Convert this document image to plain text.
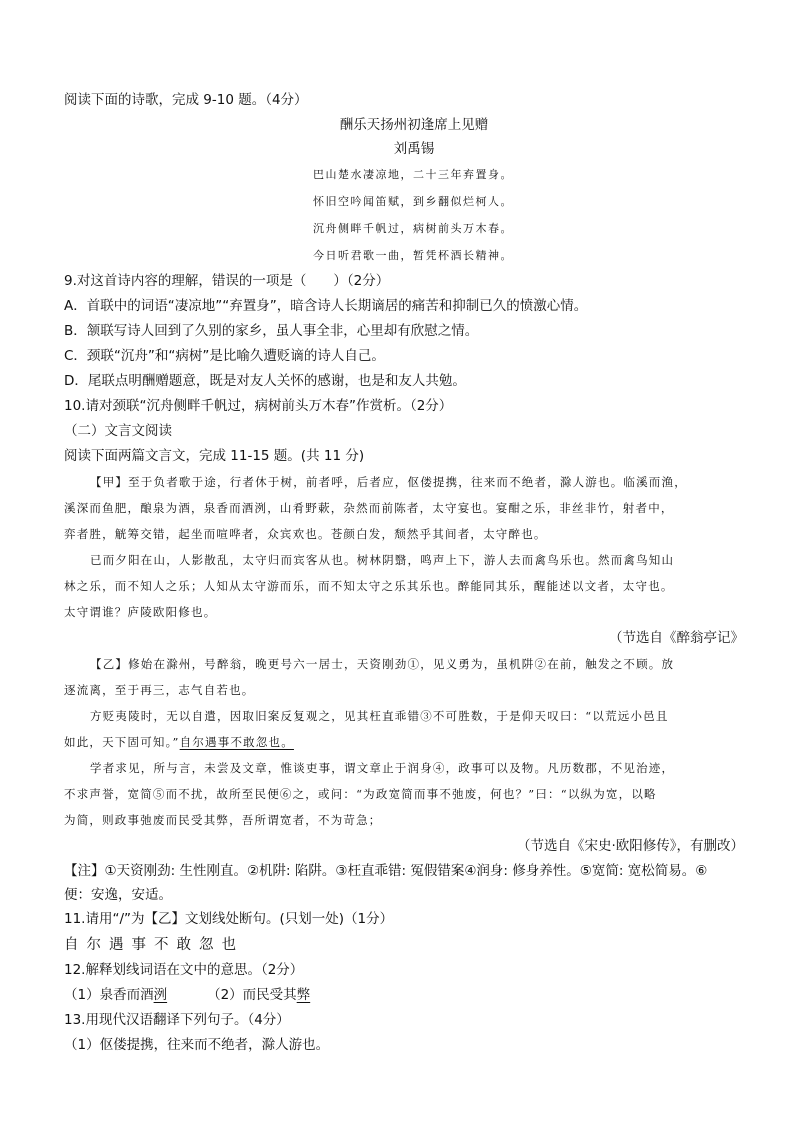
阅读下面的诗歌，完成 9-10 题。（4分）
酬乐天扬州初逢席上见赠
刘禹锡
巴山楚水凄凉地，二十三年弃置身。
怀旧空吟闻笛赋，到乡翻似烂柯人。
沉舟侧畔千帆过，病树前头万木春。
今日听君歌一曲，暂凭杯酒长精神。
9.对这首诗内容的理解，错误的一项是（　　）（2分）
A．首联中的词语“凄凉地”“弃置身”，暗含诗人长期谪居的痛苦和抑制已久的愤激心情。
B．颔联写诗人回到了久别的家乡，虽人事全非，心里却有欣慰之情。
C．颈联“沉舟”和“病树”是比喻久遭贬谪的诗人自己。
D．尾联点明酬赠题意，既是对友人关怀的感谢，也是和友人共勉。
10.请对颈联“沉舟侧畔千帆过，病树前头万木春”作赏析。（2分）
（二）文言文阅读
阅读下面两篇文言文，完成 11-15 题。(共 11 分)
【甲】至于负者歌于途，行者休于树，前者呼，后者应，伛偻提携，往来而不绝者，滁人游也。临溪而渔，
溪深而鱼肥，酿泉为酒，泉香而酒洌，山肴野蔌，杂然而前陈者，太守宴也。宴酣之乐，非丝非竹，射者中，
弈者胜，觥筹交错，起坐而喧哗者，众宾欢也。苍颜白发，颓然乎其间者，太守醉也。
已而夕阳在山，人影散乱，太守归而宾客从也。树林阴翳，鸣声上下，游人去而禽鸟乐也。然而禽鸟知山
林之乐，而不知人之乐；人知从太守游而乐，而不知太守之乐其乐也。醉能同其乐，醒能述以文者，太守也。
太守谓谁？庐陵欧阳修也。
（节选自《醉翁亭记》
【乙】修始在滁州，号醉翁，晚更号六一居士，天资刚劲①，见义勇为，虽机阱②在前，触发之不顾。放
逐流离，至于再三，志气自若也。
方贬夷陵时，无以自遣，因取旧案反复观之，见其枉直乖错③不可胜数，于是仰天叹曰：“以荒远小邑且
如此，天下固可知。”自尔遇事不敢忽也。
学者求见，所与言，未尝及文章，惟谈吏事，谓文章止于润身④，政事可以及物。凡历数郡，不见治迹，
不求声誉，宽简⑤而不扰，故所至民便⑥之，或问：“为政宽简而事不弛废，何也？”曰：“以纵为宽，以略
为简，则政事弛废而民受其弊，吾所谓宽者，不为苛急；
（节选自《宋史·欧阳修传》，有删改）
【注】①天资刚劲: 生性刚直。②机阱: 陷阱。③枉直乖错: 冤假错案④润身: 修身养性。⑤宽简: 宽松简易。⑥
便：安逸，安适。
11.请用“/”为【乙】文划线处断句。(只划一处)（1分）
自尔遇事不敢忽也
12.解释划线词语在文中的意思。（2分）
（1）泉香而酒洌	（2）而民受其弊
13.用现代汉语翻译下列句子。（4分）
（1）伛偻提携，往来而不绝者，滁人游也。
